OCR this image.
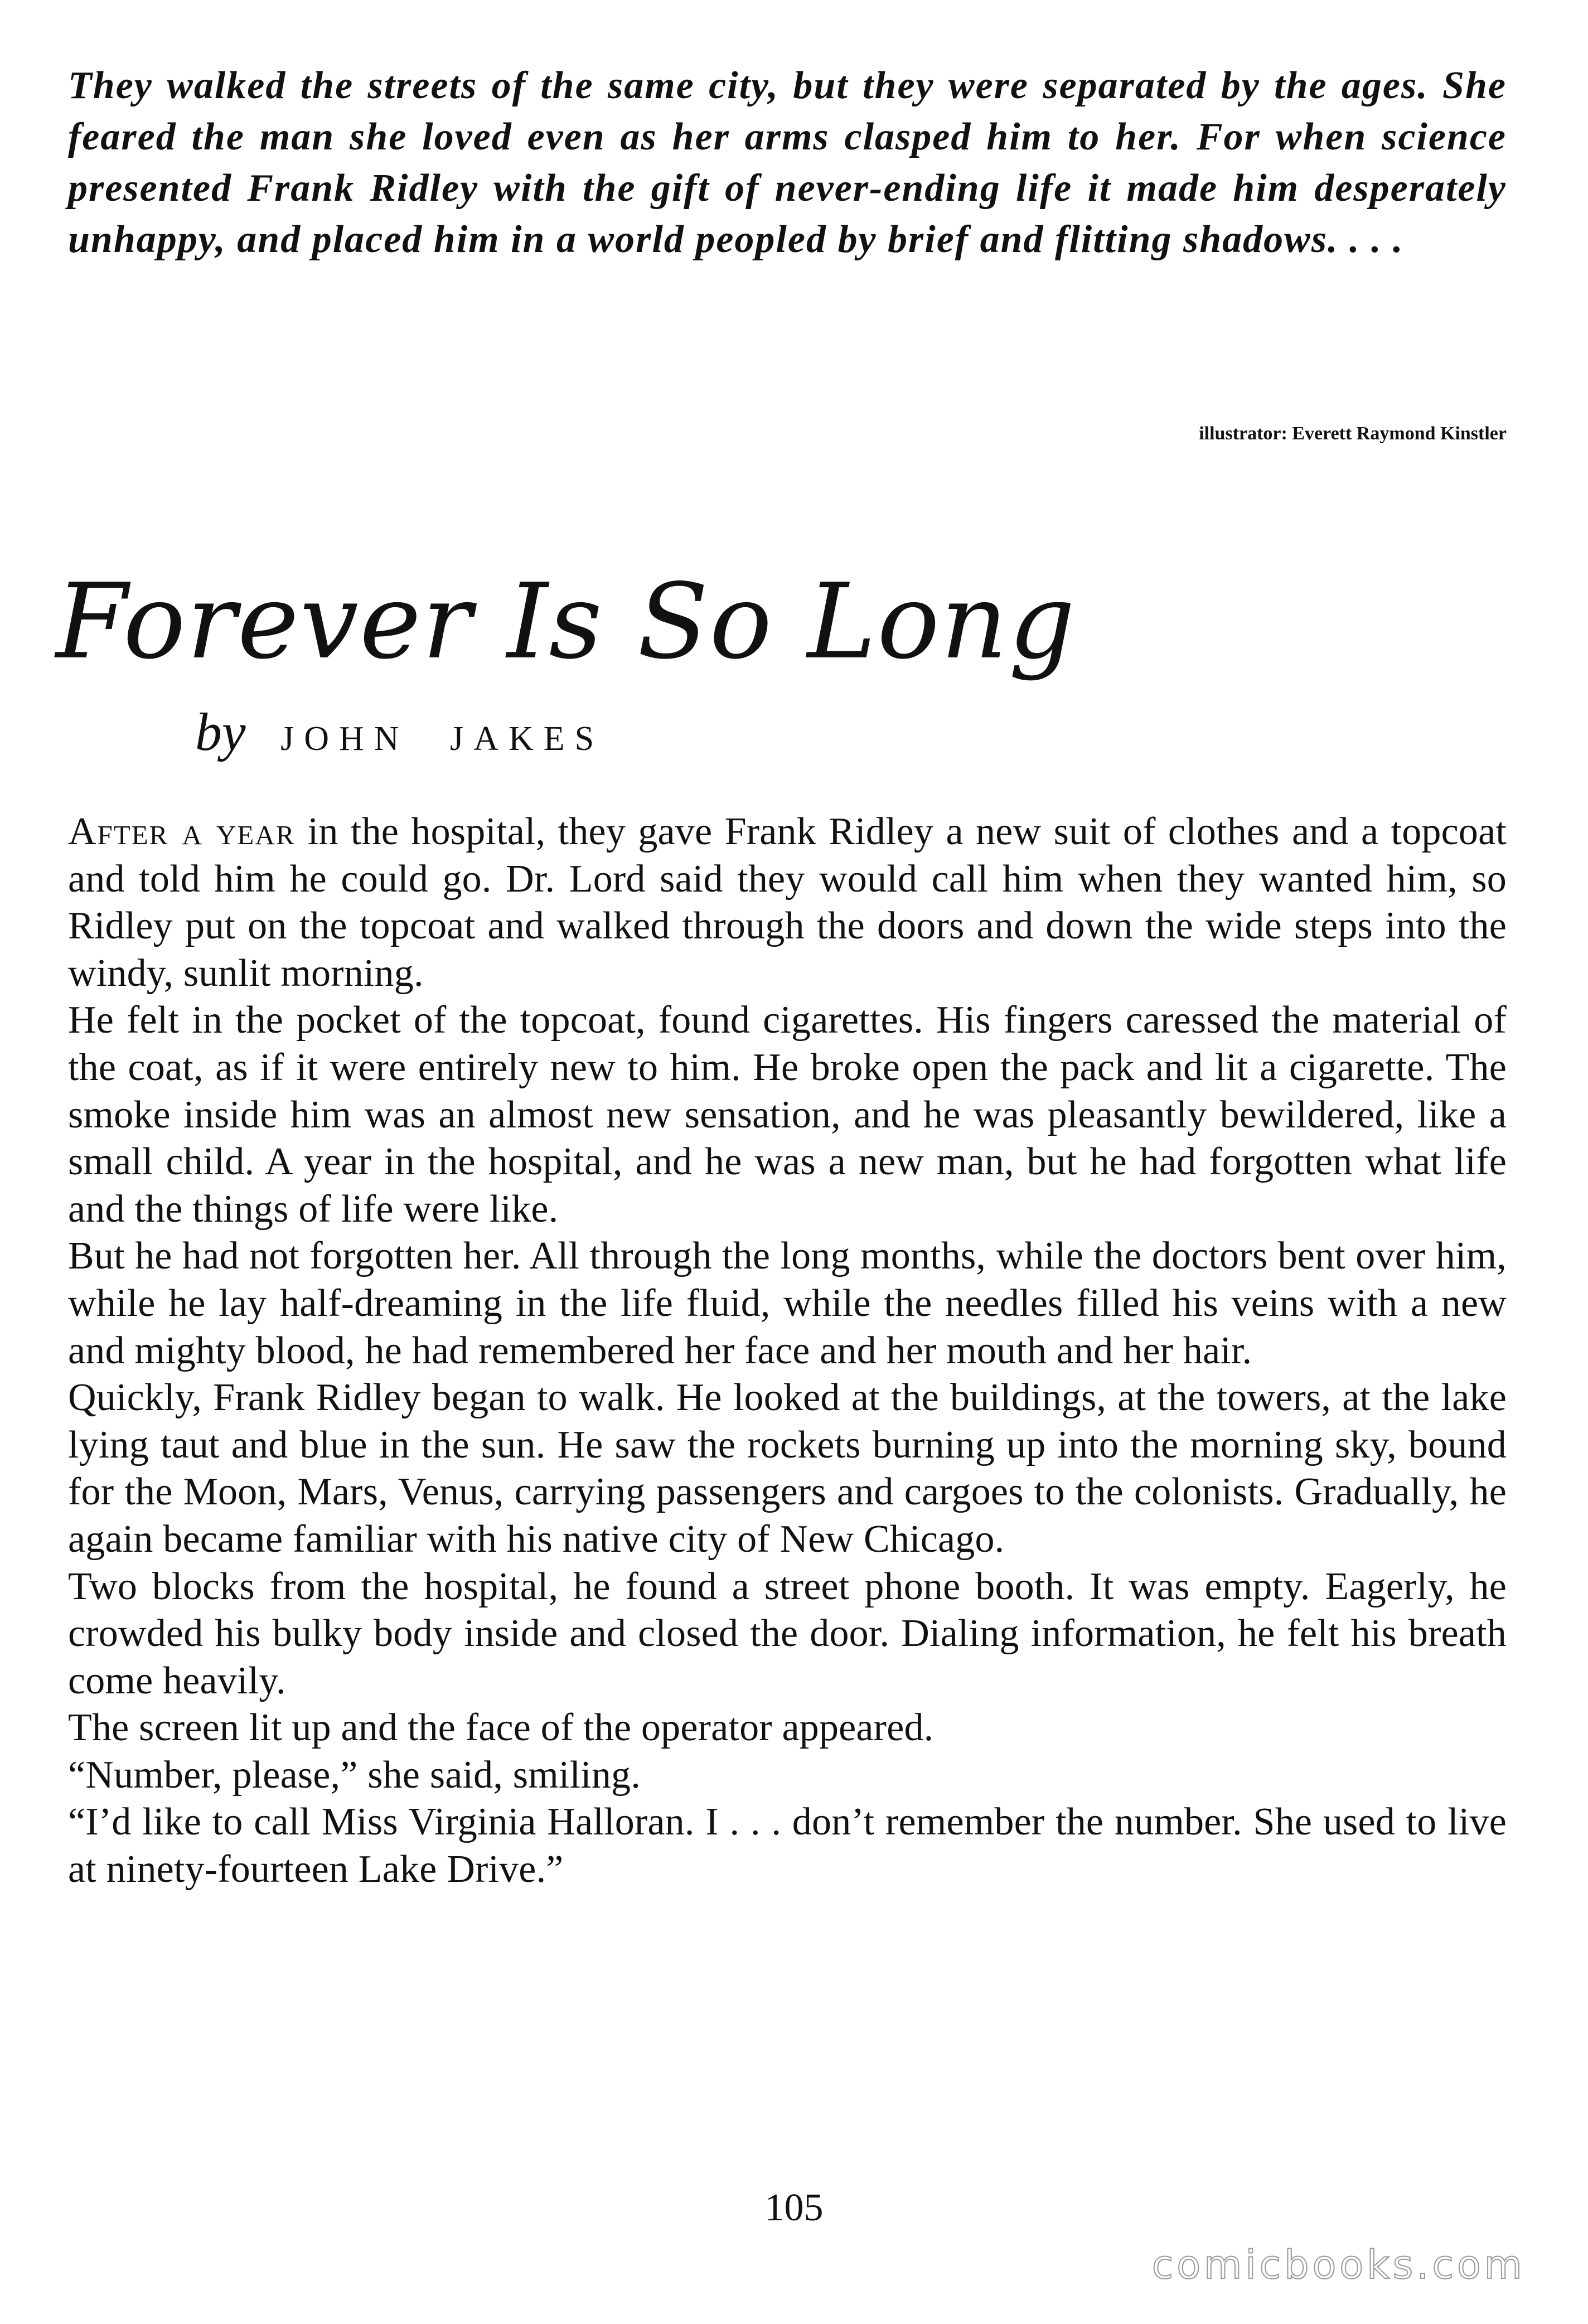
They walked the streets of the same city, but they were separated by the ages. She feared the man she loved even as her arms clasped him to her. For when science presented Frank Ridley with the gift of never-ending life it made him desperately unhappy, and placed him in a world peopled by brief and flitting shadows. . . .

illustrator: Everett Raymond Kinstler

Forever Is So Long
by JOHN JAKES

After a year in the hospital, they gave Frank Ridley a new suit of clothes and a topcoat and told him he could go. Dr. Lord said they would call him when they wanted him, so Ridley put on the topcoat and walked through the doors and down the wide steps into the windy, sunlit morning.

He felt in the pocket of the topcoat, found cigarettes. His fingers caressed the material of the coat, as if it were entirely new to him. He broke open the pack and lit a cigarette. The smoke inside him was an almost new sensation, and he was pleasantly bewildered, like a small child. A year in the hospital, and he was a new man, but he had forgotten what life and the things of life were like.

But he had not forgotten her. All through the long months, while the doctors bent over him, while he lay half-dreaming in the life fluid, while the needles filled his veins with a new and mighty blood, he had remembered her face and her mouth and her hair.

Quickly, Frank Ridley began to walk. He looked at the buildings, at the towers, at the lake lying taut and blue in the sun. He saw the rockets burning up into the morning sky, bound for the Moon, Mars, Venus, carrying passengers and cargoes to the colonists. Gradually, he again became familiar with his native city of New Chicago.

Two blocks from the hospital, he found a street phone booth. It was empty. Eagerly, he crowded his bulky body inside and closed the door. Dialing information, he felt his breath come heavily.

The screen lit up and the face of the operator appeared.

“Number, please,” she said, smiling.

“I’d like to call Miss Virginia Halloran. I . . . don’t remember the number. She used to live at ninety-fourteen Lake Drive.”

105

comicbooks.com
